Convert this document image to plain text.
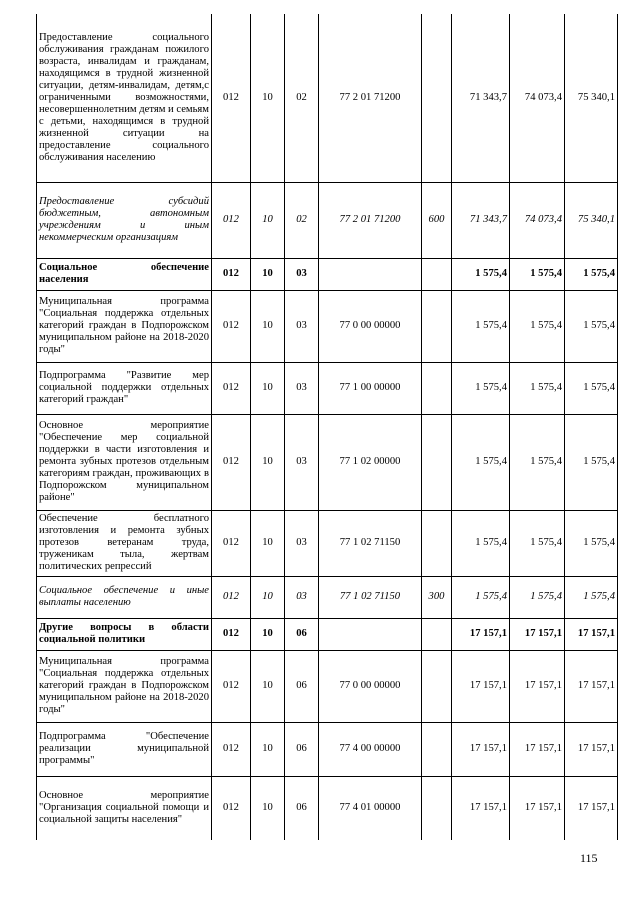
Предоставление социального обслуживания гражданам пожилого возраста, инвалидам и гражданам, находящимся в трудной жизненной ситуации, детям-инвалидам, детям,с ограниченными возможностями, несовершеннолетним детям и семьям с детьми, находящимся в трудной жизненной ситуации на предоставление социального обслуживания населению	012	10	02	77 2 01 71200		71 343,7	74 073,4	75 340,1
Предоставление субсидий бюджетным, автономным учреждениям и иным некоммерческим организациям	012	10	02	77 2 01 71200	600	71 343,7	74 073,4	75 340,1
Социальное обеспечение населения	012	10	03			1 575,4	1 575,4	1 575,4
Муниципальная программа "Социальная поддержка отдельных категорий граждан в Подпорожском муниципальном районе на 2018-2020 годы"	012	10	03	77 0 00 00000		1 575,4	1 575,4	1 575,4
Подпрограмма "Развитие мер социальной поддержки отдельных категорий граждан"	012	10	03	77 1 00 00000		1 575,4	1 575,4	1 575,4
Основное мероприятие "Обеспечение мер социальной поддержки в части изготовления и ремонта зубных протезов отдельным категориям граждан, проживающих в Подпорожском муниципальном районе"	012	10	03	77 1 02 00000		1 575,4	1 575,4	1 575,4
Обеспечение бесплатного изготовления и ремонта зубных протезов ветеранам труда, труженикам тыла, жертвам политических репрессий	012	10	03	77 1 02 71150		1 575,4	1 575,4	1 575,4
Социальное обеспечение и иные выплаты населению	012	10	03	77 1 02 71150	300	1 575,4	1 575,4	1 575,4
Другие вопросы в области социальной политики	012	10	06			17 157,1	17 157,1	17 157,1
Муниципальная программа "Социальная поддержка отдельных категорий граждан в Подпорожском муниципальном районе на 2018-2020 годы"	012	10	06	77 0 00 00000		17 157,1	17 157,1	17 157,1
Подпрограмма "Обеспечение реализации муниципальной программы"	012	10	06	77 4 00 00000		17 157,1	17 157,1	17 157,1
Основное мероприятие "Организация социальной помощи и социальной защиты населения"	012	10	06	77 4 01 00000		17 157,1	17 157,1	17 157,1
115
